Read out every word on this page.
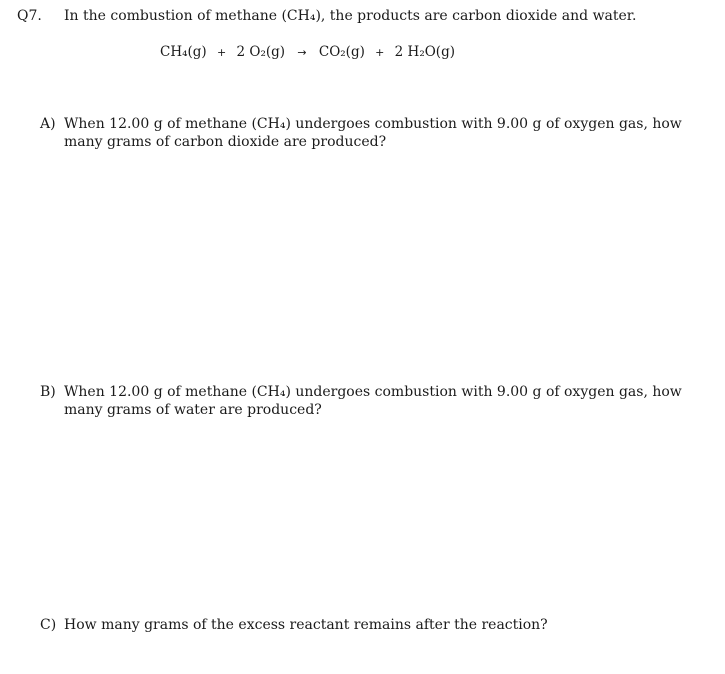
Q7. In the combustion of methane (CH₄), the products are carbon dioxide and water.
CH₄(g) + 2 O₂(g) → CO₂(g) + 2 H₂O(g)
A) When 12.00 g of methane (CH₄) undergoes combustion with 9.00 g of oxygen gas, how many grams of carbon dioxide are produced?
B) When 12.00 g of methane (CH₄) undergoes combustion with 9.00 g of oxygen gas, how many grams of water are produced?
C) How many grams of the excess reactant remains after the reaction?
